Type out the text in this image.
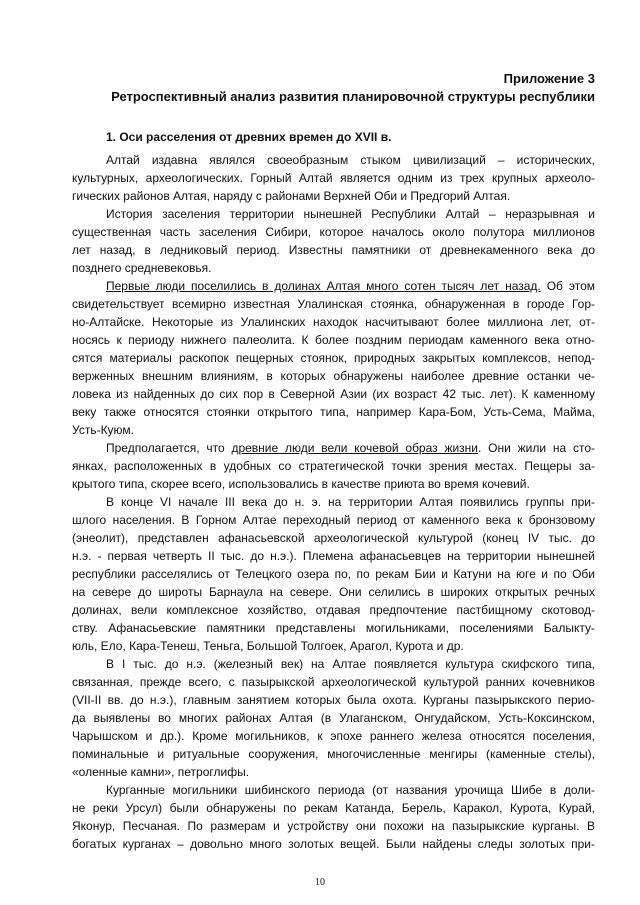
Приложение 3

Ретроспективный анализ развития планировочной структуры республики

1. Оси расселения от древних времен до XVII в.

Алтай издавна являлся своеобразным стыком цивилизаций – исторических,

культурных, археологических. Горный Алтай является одним из трех крупных археоло-

гических районов Алтая, наряду с районами Верхней Оби и Предгорий Алтая.

История заселения территории нынешней Республики Алтай – неразрывная и

существенная часть заселения Сибири, которое началось около полутора миллионов

лет назад, в ледниковый период. Известны памятники от древнекаменного века до

позднего средневековья.

Первые люди поселились в долинах Алтая много сотен тысяч лет назад. Об этом

свидетельствует всемирно известная Улалинская стоянка, обнаруженная в городе Гор-

но-Алтайске. Некоторые из Улалинских находок насчитывают более миллиона лет, от-

носясь к периоду нижнего палеолита. К более поздним периодам каменного века отно-

сятся материалы раскопок пещерных стоянок, природных закрытых комплексов, непод-

верженных внешним влияниям, в которых обнаружены наиболее древние останки че-

ловека из найденных до сих пор в Северной Азии (их возраст 42 тыс. лет). К каменному

веку также относятся стоянки открытого типа, например Кара-Бом, Усть-Сема, Майма,

Усть-Куюм.

Предполагается, что древние люди вели кочевой образ жизни. Они жили на сто-

янках, расположенных в удобных со стратегической точки зрения местах. Пещеры за-

крытого типа, скорее всего, использовались в качестве приюта во время кочевий.

В конце VI начале III века до н. э. на территории Алтая появились группы при-

шлого населения. В Горном Алтае переходный период от каменного века к бронзовому

(энеолит), представлен афанасьевской археологической культурой (конец IV тыс. до

н.э. - первая четверть II тыс. до н.э.). Племена афанасьевцев на территории нынешней

республики расселялись от Телецкого озера по, по рекам Бии и Катуни на юге и по Оби

на севере до широты Барнаула на севере. Они селились в широких открытых речных

долинах, вели комплексное хозяйство, отдавая предпочтение пастбищному скотовод-

ству. Афанасьевские памятники представлены могильниками, поселениями Балыкту-

юль, Ело, Кара-Тенеш, Теньга, Большой Толгоек, Арагол, Курота и др.

В I тыс. до н.э. (железный век) на Алтае появляется культура скифского типа,

связанная, прежде всего, с пазырыкской археологической культурой ранних кочевников

(VII-II вв. до н.э.), главным занятием которых была охота. Курганы пазырыкского перио-

да выявлены во многих районах Алтая (в Улаганском, Онгудайском, Усть-Коксинском,

Чарышском и др.). Кроме могильников, к эпохе раннего железа относятся поселения,

поминальные и ритуальные сооружения, многочисленные менгиры (каменные стелы),

«оленные камни», петроглифы.

Курганные могильники шибинского периода (от названия урочища Шибе в доли-

не реки Урсул) были обнаружены по рекам Катанда, Берель, Каракол, Курота, Курай,

Яконур, Песчаная. По размерам и устройству они похожи на пазырыкские курганы. В

богатых курганах – довольно много золотых вещей. Были найдены следы золотых при-

10
